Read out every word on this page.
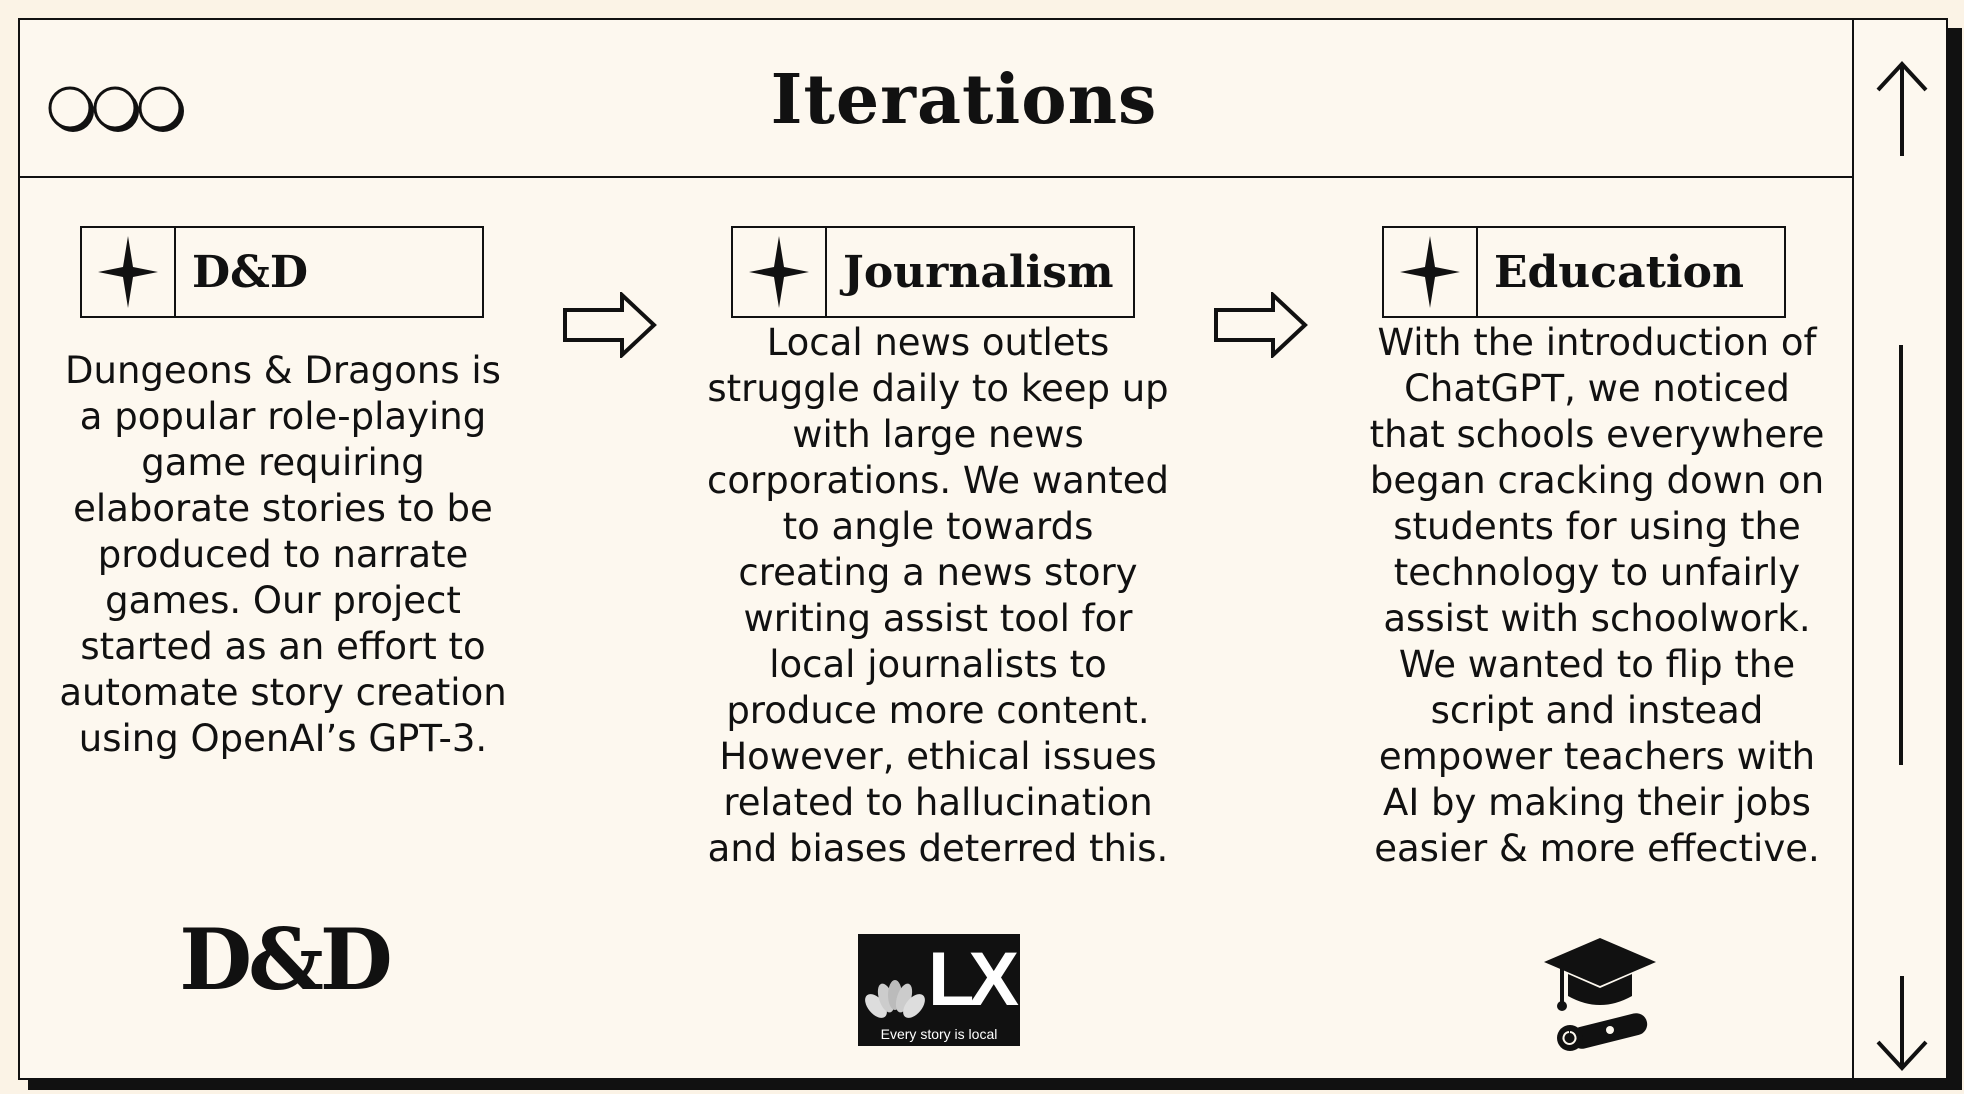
Iterations
D&D
Dungeons & Dragons is a popular role-playing game requiring elaborate stories to be produced to narrate games. Our project started as an effort to automate story creation using OpenAI’s GPT-3.
Journalism
Local news outlets struggle daily to keep up with large news corporations. We wanted to angle towards creating a news story writing assist tool for local journalists to produce more content. However, ethical issues related to hallucination and biases deterred this.
Education
With the introduction of ChatGPT, we noticed that schools everywhere began cracking down on students for using the technology to unfairly assist with schoolwork. We wanted to flip the script and instead empower teachers with AI by making their jobs easier & more effective.
D&D	LX
Every story is local
